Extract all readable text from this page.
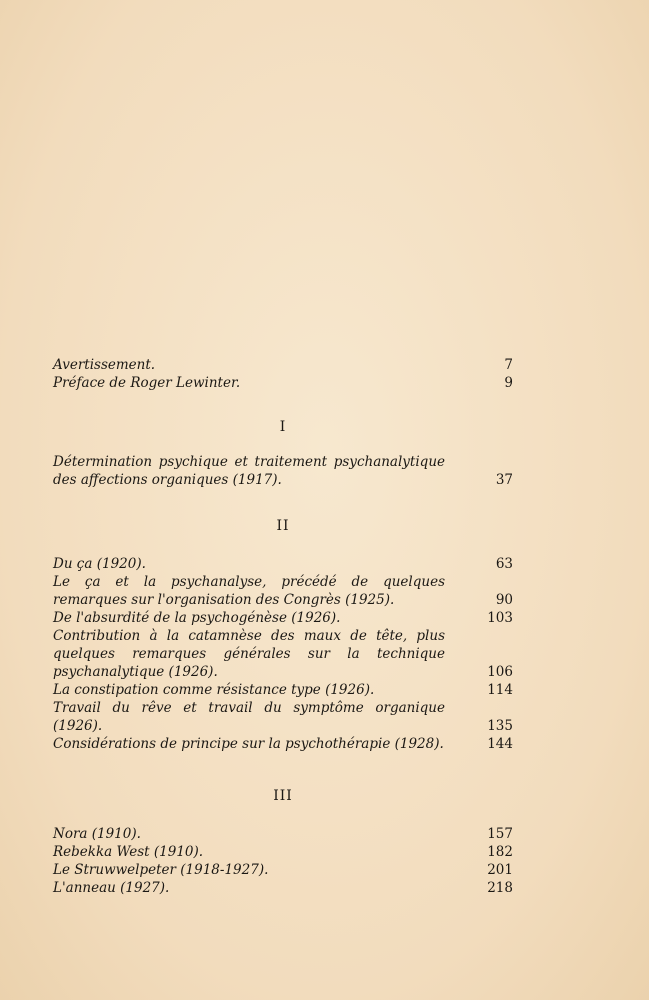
Avertissement.	7
Préface de Roger Lewinter.	9
I
Détermination psychique et traitement psychanalytique des affections organiques (1917).	37
II
Du ça (1920).	63
Le ça et la psychanalyse, précédé de quelques remarques sur l'organisation des Congrès (1925).	90
De l'absurdité de la psychogénèse (1926).	103
Contribution à la catamnèse des maux de tête, plus quelques remarques générales sur la technique psychanalytique (1926).	106
La constipation comme résistance type (1926).	114
Travail du rêve et travail du symptôme organique (1926).	135
Considérations de principe sur la psychothérapie (1928).	144
III
Nora (1910).	157
Rebekka West (1910).	182
Le Struwwelpeter (1918-1927).	201
L'anneau (1927).	218
